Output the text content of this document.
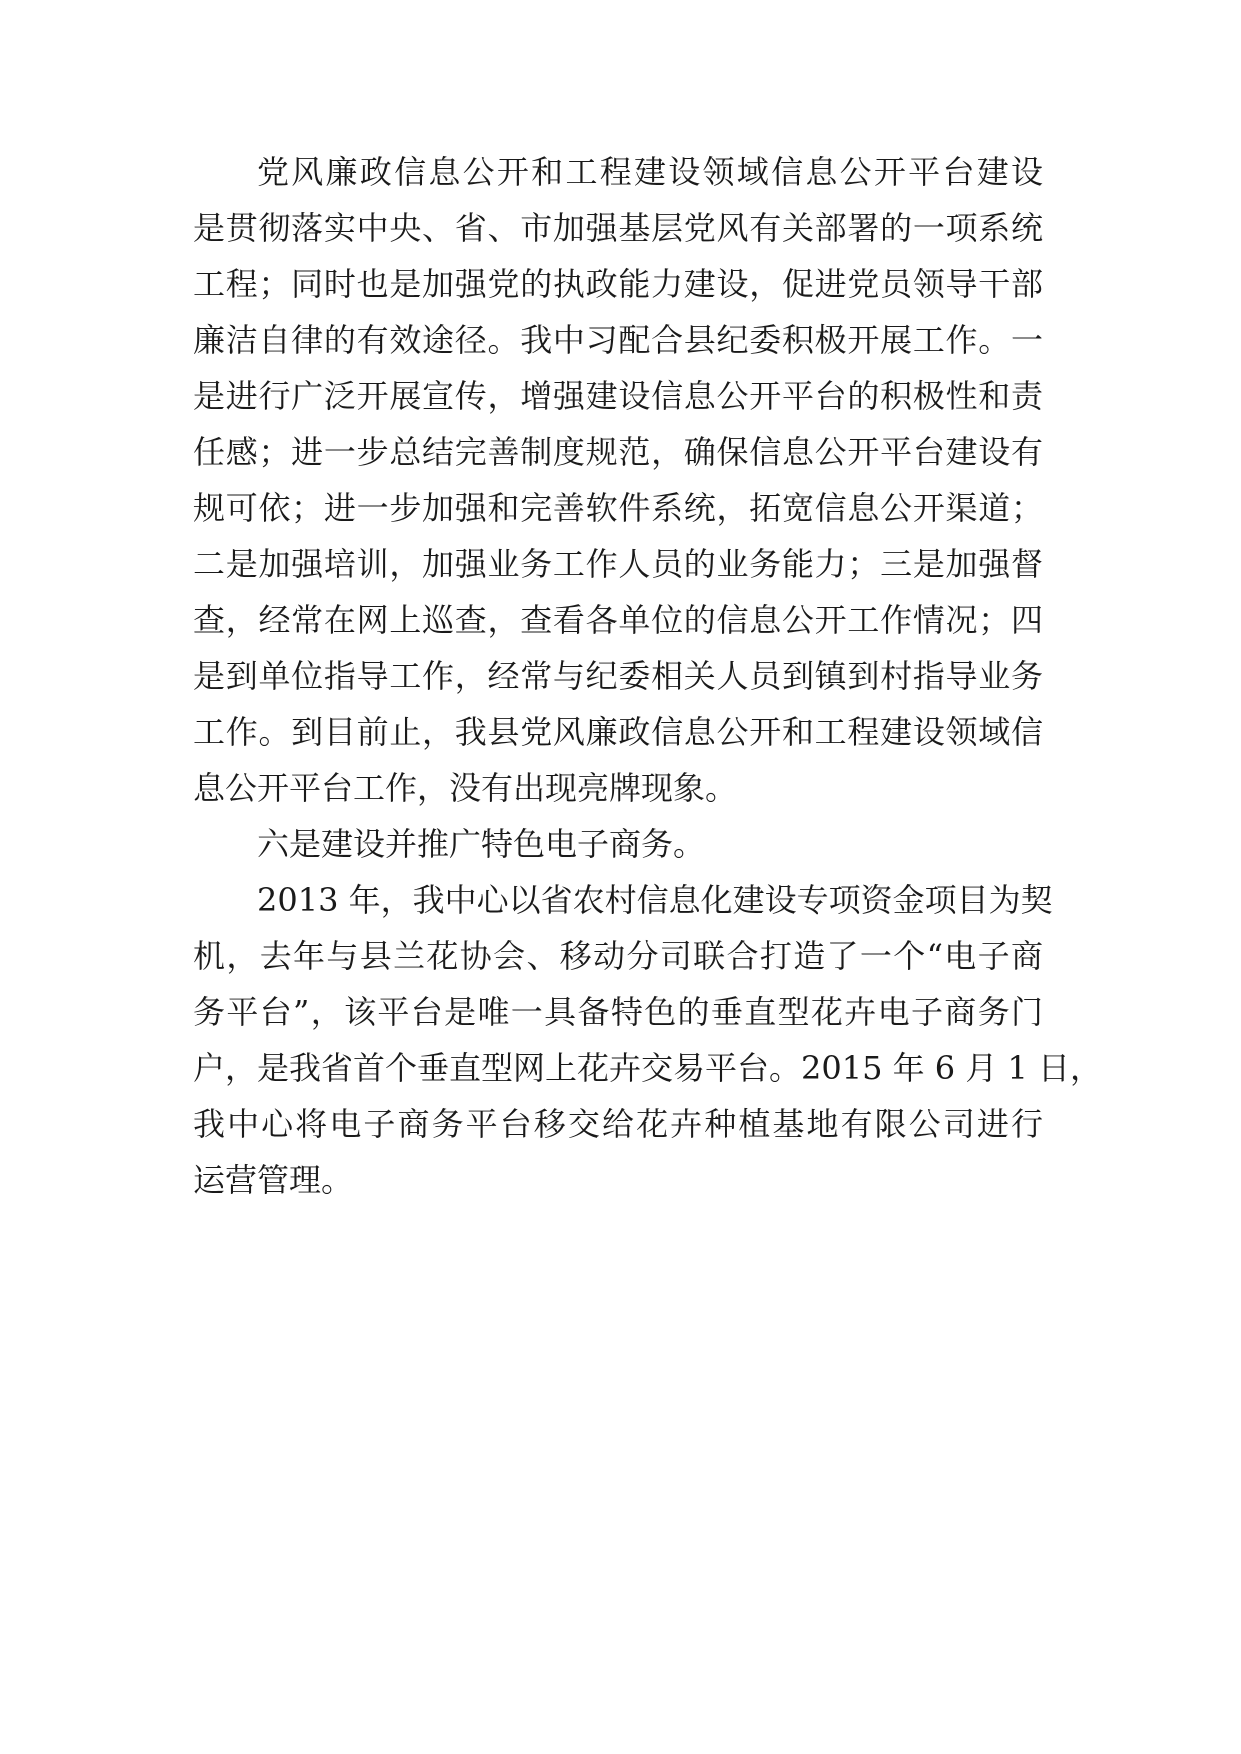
党风廉政信息公开和工程建设领域信息公开平台建设
是贯彻落实中央、省、市加强基层党风有关部署的一项系统
工程；同时也是加强党的执政能力建设，促进党员领导干部
廉洁自律的有效途径。我中习配合县纪委积极开展工作。一
是进行广泛开展宣传，增强建设信息公开平台的积极性和责
任感；进一步总结完善制度规范，确保信息公开平台建设有
规可依；进一步加强和完善软件系统，拓宽信息公开渠道；
二是加强培训，加强业务工作人员的业务能力；三是加强督
查，经常在网上巡查，查看各单位的信息公开工作情况；四
是到单位指导工作，经常与纪委相关人员到镇到村指导业务
工作。到目前止，我县党风廉政信息公开和工程建设领域信
息公开平台工作，没有出现亮牌现象。
六是建设并推广特色电子商务。
2013 年，我中心以省农村信息化建设专项资金项目为契
机，去年与县兰花协会、移动分司联合打造了一个“电子商
务平台”，该平台是唯一具备特色的垂直型花卉电子商务门
户，是我省首个垂直型网上花卉交易平台。2015 年 6 月 1 日，
我中心将电子商务平台移交给花卉种植基地有限公司进行
运营管理。
